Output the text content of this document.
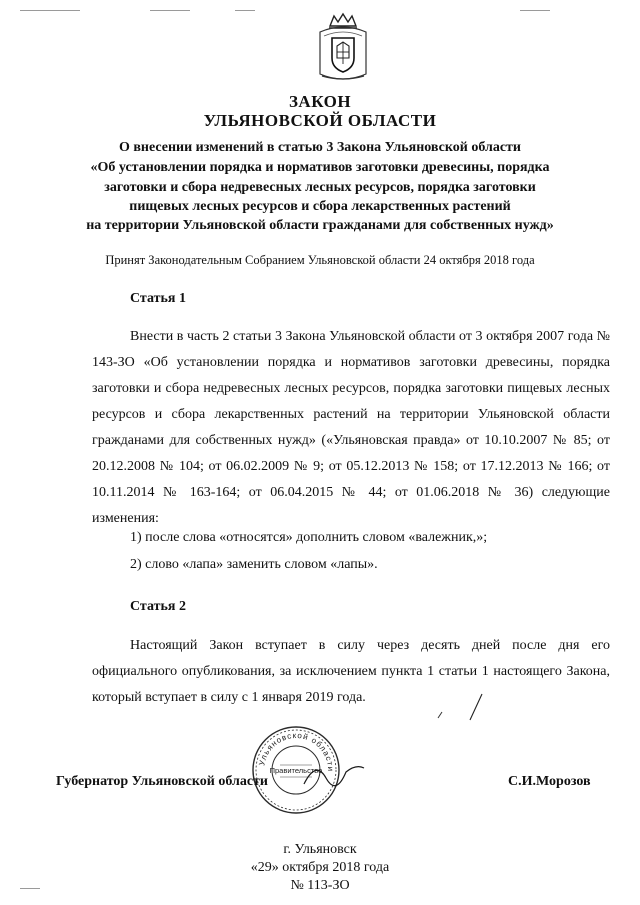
ЗАКОН
УЛЬЯНОВСКОЙ ОБЛАСТИ
О внесении изменений в статью 3 Закона Ульяновской области
«Об установлении порядка и нормативов заготовки древесины, порядка
заготовки и сбора недревесных лесных ресурсов, порядка заготовки
пищевых лесных ресурсов и сбора лекарственных растений
на территории Ульяновской области гражданами для собственных нужд»
Принят Законодательным Собранием Ульяновской области 24 октября 2018 года
Статья 1

Внести в часть 2 статьи 3 Закона Ульяновской области от 3 октября 2007 года № 143-ЗО «Об установлении порядка и нормативов заготовки древесины, порядка заготовки и сбора недревесных лесных ресурсов, порядка заготовки пищевых лесных ресурсов и сбора лекарственных растений на территории Ульяновской области гражданами для собственных нужд» («Ульяновская правда» от 10.10.2007 № 85; от 20.12.2008 № 104; от 06.02.2009 № 9; от 05.12.2013 № 158; от 17.12.2013 № 166; от 10.11.2014 № 163-164; от 06.04.2015 № 44; от 01.06.2018 № 36) следующие изменения:

1) после слова «относятся» дополнить словом «валежник,»;
2) слово «лапа» заменить словом «лапы».
Статья 2

Настоящий Закон вступает в силу через десять дней после дня его официального опубликования, за исключением пункта 1 статьи 1 настоящего Закона, который вступает в силу с 1 января 2019 года.

Ульяновской области
Правительство
Губернатор Ульяновской области	С.И.Морозов
г. Ульяновск
«29» октября 2018 года
№ 113-ЗО
